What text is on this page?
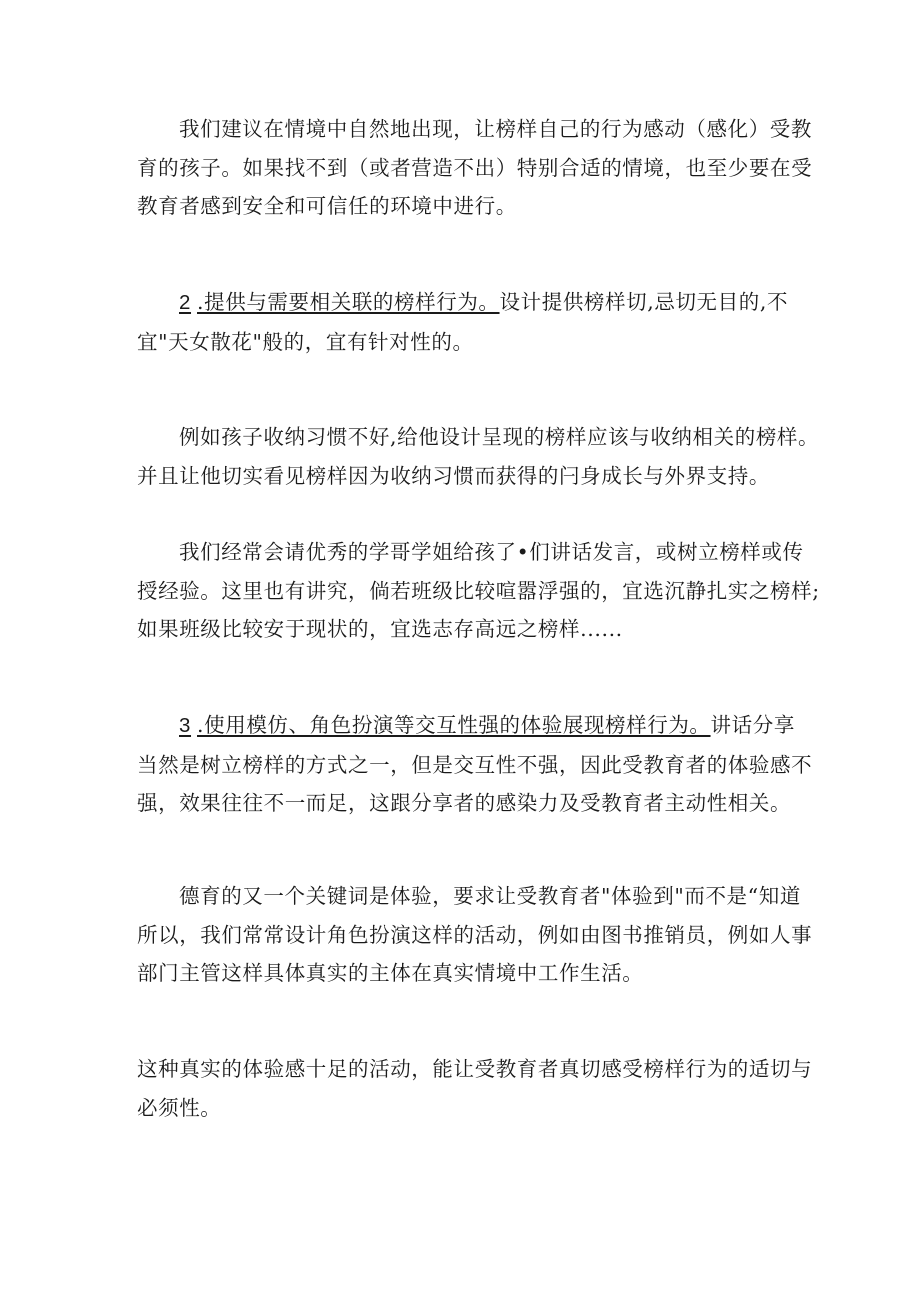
我们建议在情境中自然地出现，让榜样自己的行为感动（感化）受教
育的孩子。如果找不到（或者营造不出）特别合适的情境，也至少要在受
教育者感到安全和可信任的环境中进行。

2 .提供与需要相关联的榜样行为。设计提供榜样切,忌切无目的,不
宜"天女散花"般的，宜有针对性的。

例如孩子收纳习惯不好,给他设计呈现的榜样应该与收纳相关的榜样。
并且让他切实看见榜样因为收纳习惯而获得的闩身成长与外界支持。

我们经常会请优秀的学哥学姐给孩了•们讲话发言，或树立榜样或传
授经验。这里也有讲究，倘若班级比较喧嚣浮强的，宜选沉静扎实之榜样;
如果班级比较安于现状的，宜选志存高远之榜样......

3 .使用模仿、角色扮演等交互性强的体验展现榜样行为。讲话分享
当然是树立榜样的方式之一，但是交互性不强，因此受教育者的体验感不
强，效果往往不一而足，这跟分享者的感染力及受教育者主动性相关。

德育的又一个关键词是体验，要求让受教育者"体验到"而不是“知道
所以，我们常常设计角色扮演这样的活动，例如由图书推销员，例如人事
部门主管这样具体真实的主体在真实情境中工作生活。

这种真实的体验感十足的活动，能让受教育者真切感受榜样行为的适切与
必须性。
